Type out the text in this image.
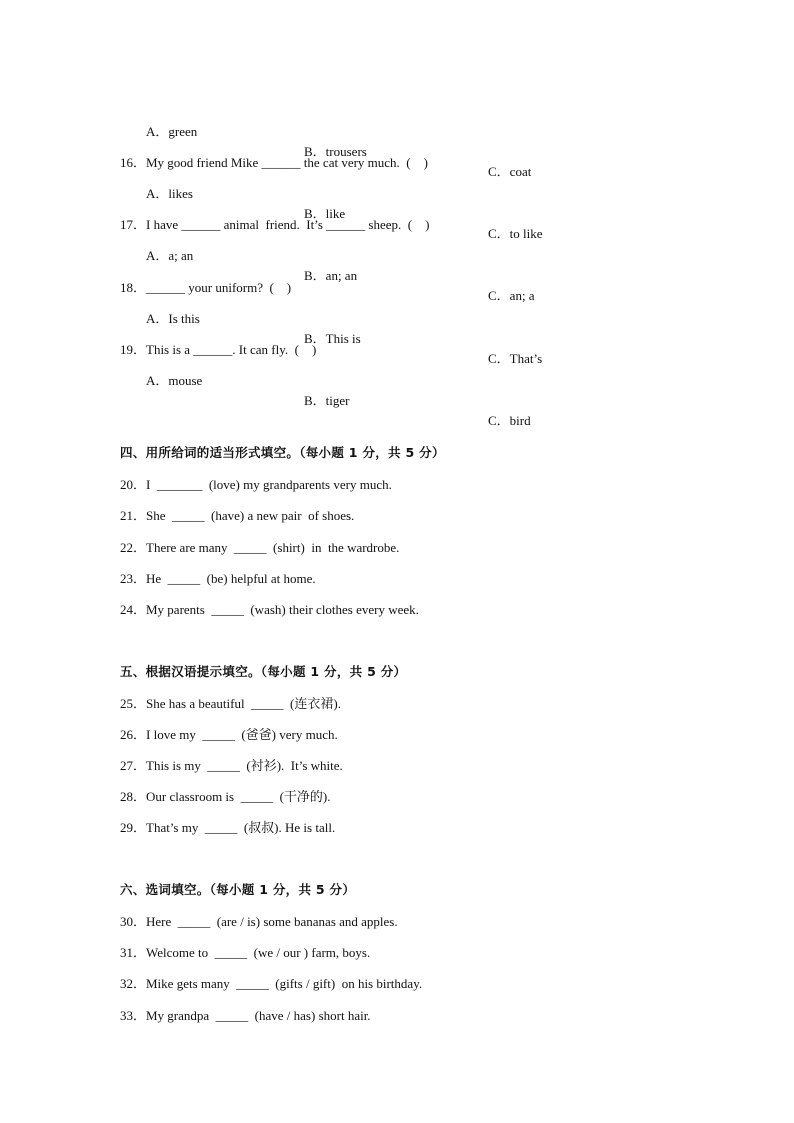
A．green

B．trousers

C．coat

16．My good friend Mike ______ the cat very much.  (    )

A．likes

B．like

C．to like

17．I have ______ animal  friend.  It’s ______ sheep.  (    )

A．a; an

B．an; an

C．an; a

18．______ your uniform?  (    )

A．Is this

B．This is

C．That’s

19．This is a ______. It can fly.  (    )

A．mouse

B．tiger

C．bird

四、用所给词的适当形式填空。（每小题 1 分，共 5 分）

20．I  _______  (love) my grandparents very much.

21．She  _____  (have) a new pair  of shoes.

22．There are many  _____  (shirt)  in  the wardrobe.

23．He  _____  (be) helpful at home.

24．My parents  _____  (wash) their clothes every week.

五、根据汉语提示填空。（每小题 1 分，共 5 分）

25．She has a beautiful  _____  (连衣裙).

26．I love my  _____  (爸爸) very much.

27．This is my  _____  (衬衫).  It’s white.

28．Our classroom is  _____  (干净的).

29．That’s my  _____  (叔叔). He is tall.

六、选词填空。（每小题 1 分，共 5 分）

30．Here  _____  (are / is) some bananas and apples.

31．Welcome to  _____  (we / our ) farm, boys.

32．Mike gets many  _____  (gifts / gift)  on his birthday.

33．My grandpa  _____  (have / has) short hair.
